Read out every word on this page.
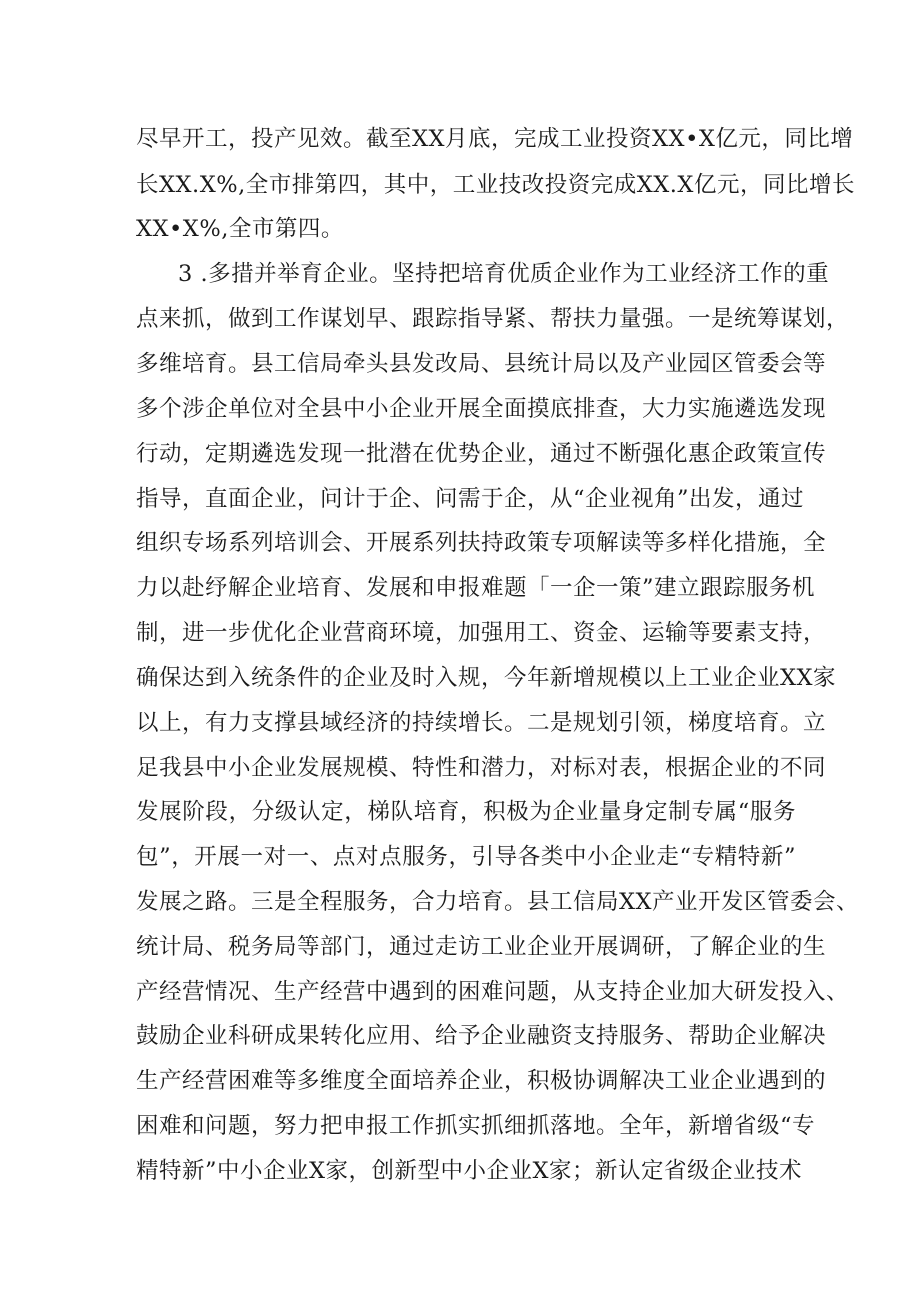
尽早开工，投产见效。截至XX月底，完成工业投资XX•X亿元，同比增
长XX.X%,全市排第四，其中，工业技改投资完成XX.X亿元，同比增长
XX•X%,全市第四。
3 .多措并举育企业。坚持把培育优质企业作为工业经济工作的重
点来抓，做到工作谋划早、跟踪指导紧、帮扶力量强。一是统筹谋划，
多维培育。县工信局牵头县发改局、县统计局以及产业园区管委会等
多个涉企单位对全县中小企业开展全面摸底排查，大力实施遴选发现
行动，定期遴选发现一批潜在优势企业，通过不断强化惠企政策宣传
指导，直面企业，问计于企、问需于企，从“企业视角”出发，通过
组织专场系列培训会、开展系列扶持政策专项解读等多样化措施，全
力以赴纾解企业培育、发展和申报难题「一企一策”建立跟踪服务机
制，进一步优化企业营商环境，加强用工、资金、运输等要素支持，
确保达到入统条件的企业及时入规，今年新增规模以上工业企业XX家
以上，有力支撑县域经济的持续增长。二是规划引领，梯度培育。立
足我县中小企业发展规模、特性和潜力，对标对表，根据企业的不同
发展阶段，分级认定，梯队培育，积极为企业量身定制专属“服务
包”，开展一对一、点对点服务，引导各类中小企业走“专精特新”
发展之路。三是全程服务，合力培育。县工信局XX产业开发区管委会、
统计局、税务局等部门，通过走访工业企业开展调研，了解企业的生
产经营情况、生产经营中遇到的困难问题，从支持企业加大研发投入、
鼓励企业科研成果转化应用、给予企业融资支持服务、帮助企业解决
生产经营困难等多维度全面培养企业，积极协调解决工业企业遇到的
困难和问题，努力把申报工作抓实抓细抓落地。全年，新增省级“专
精特新”中小企业X家，创新型中小企业X家；新认定省级企业技术
